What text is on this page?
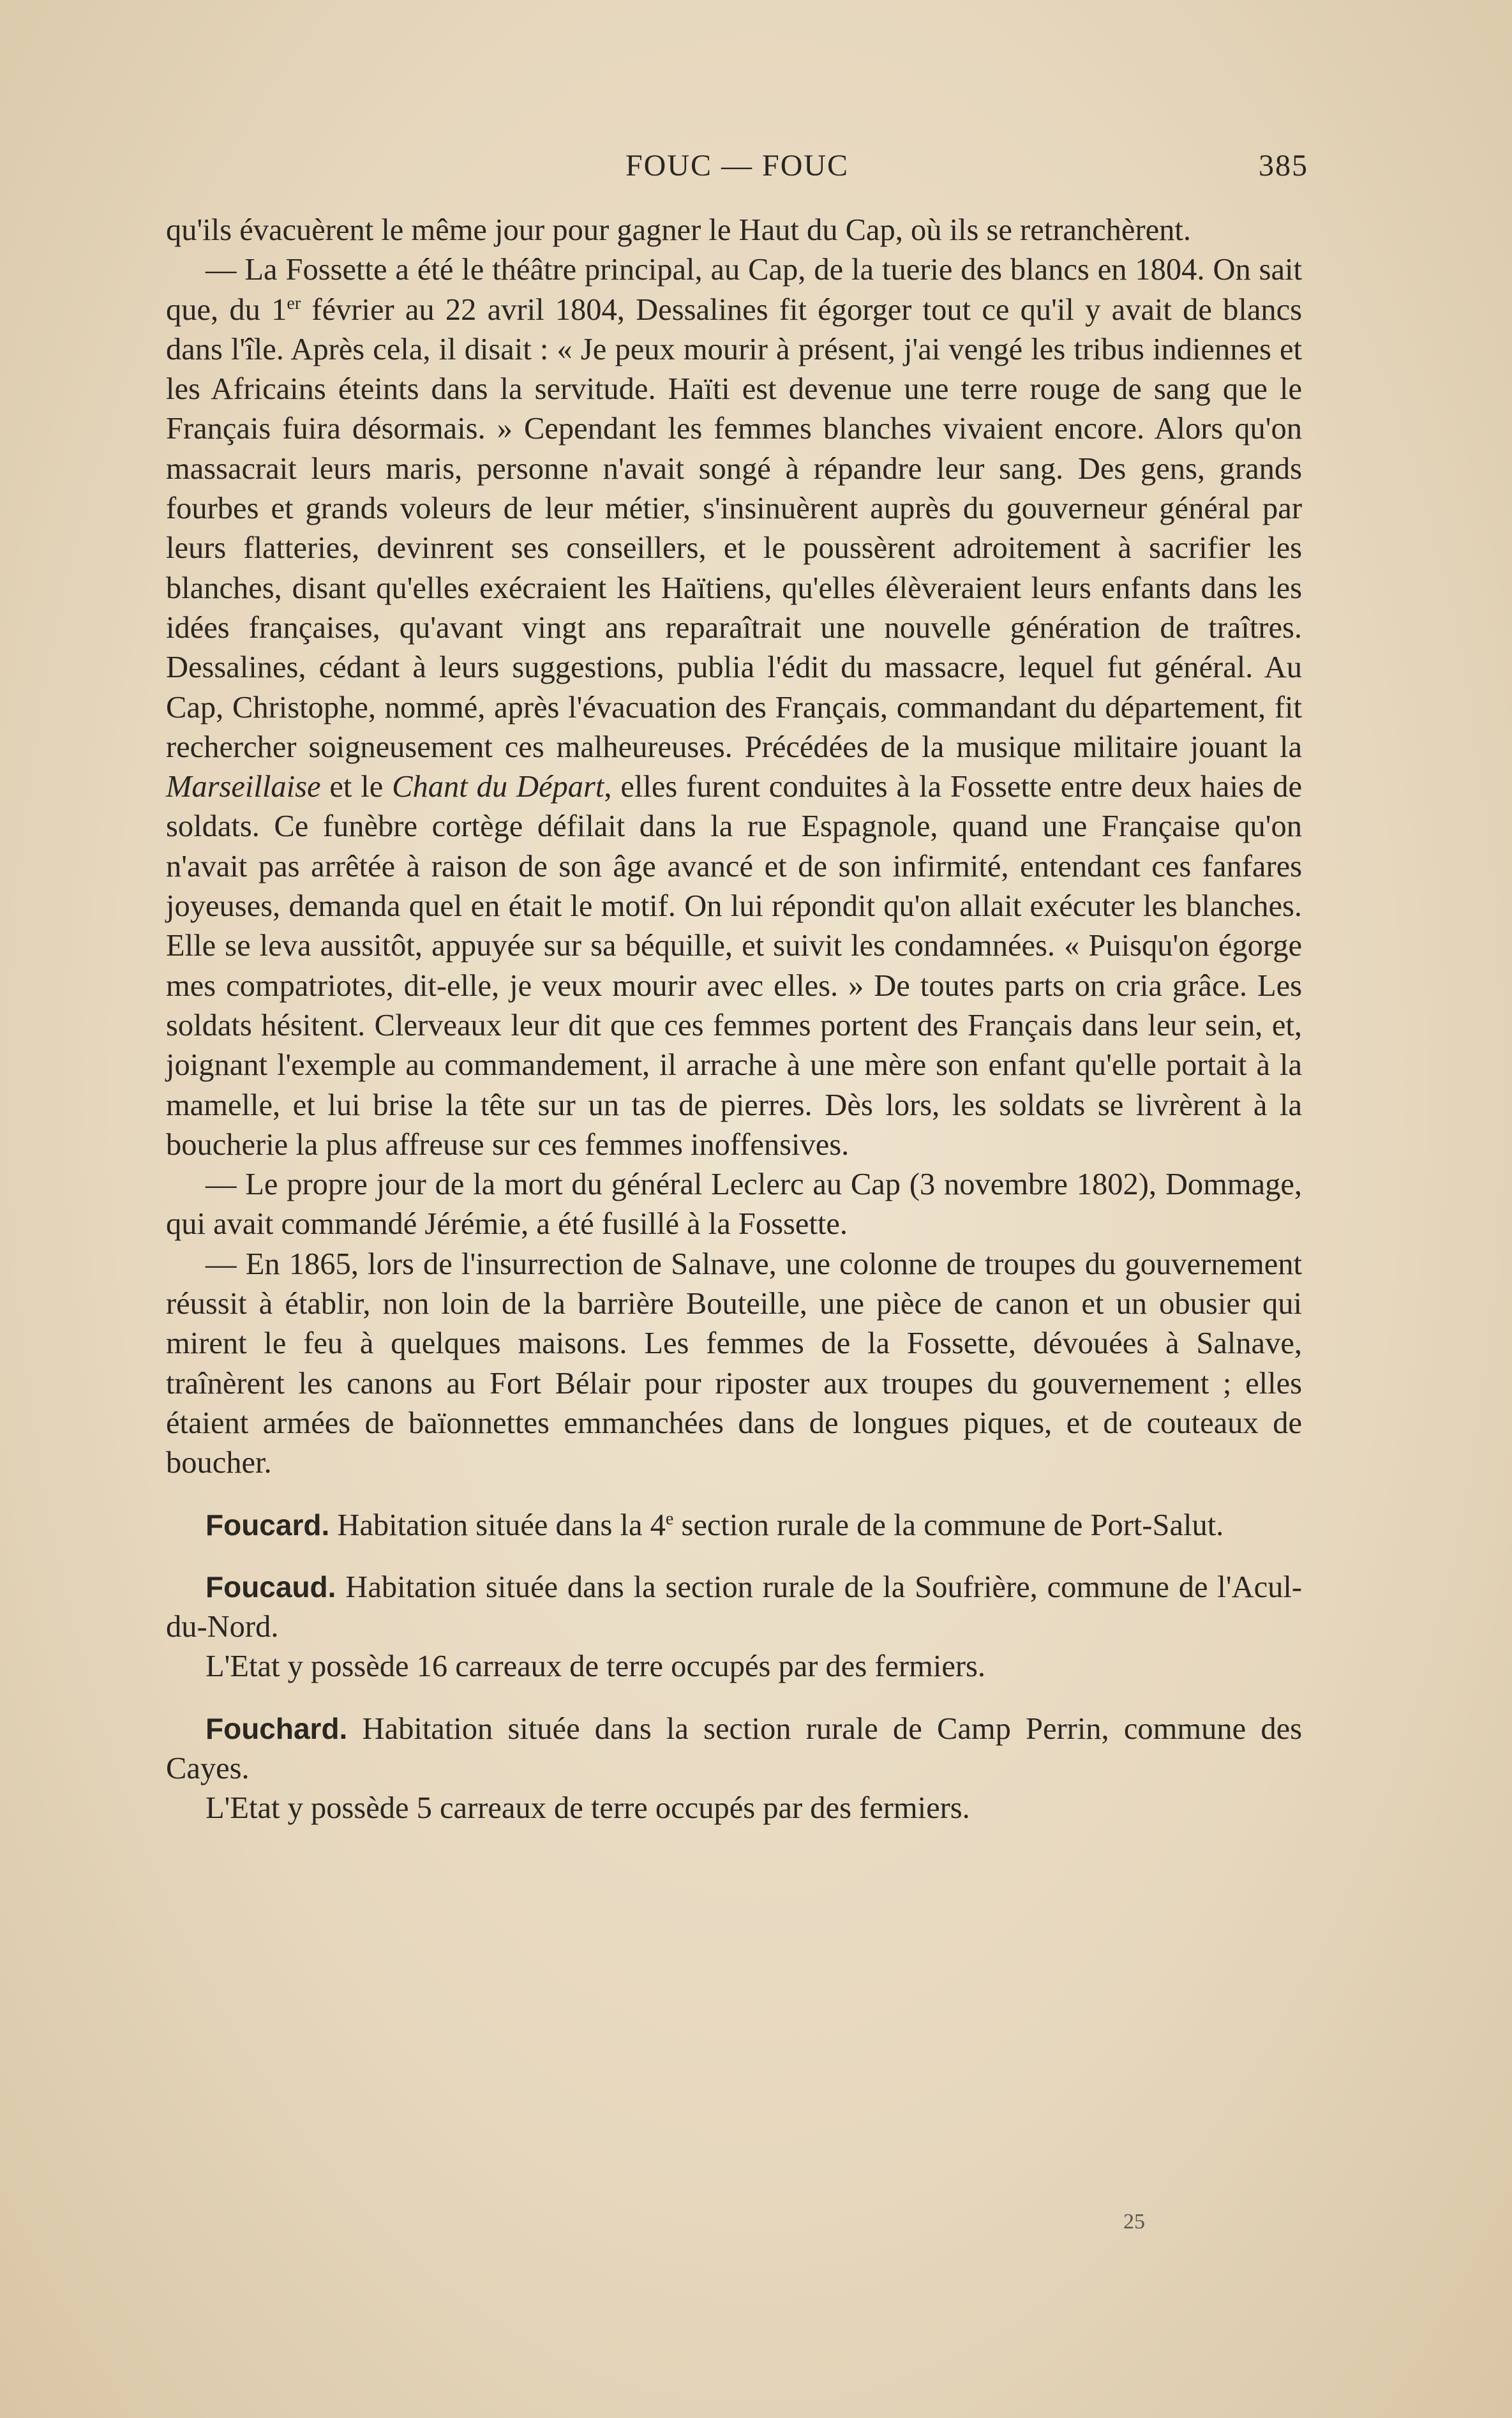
FOUC — FOUC	385

qu'ils évacuèrent le même jour pour gagner le Haut du Cap, où ils se retranchèrent.

— La Fossette a été le théâtre principal, au Cap, de la tuerie des blancs en 1804. On sait que, du 1er février au 22 avril 1804, Dessalines fit égorger tout ce qu'il y avait de blancs dans l'île. Après cela, il disait : « Je peux mourir à présent, j'ai vengé les tribus indiennes et les Africains éteints dans la servitude. Haïti est devenue une terre rouge de sang que le Français fuira désormais. » Cependant les femmes blanches vivaient encore. Alors qu'on massacrait leurs maris, personne n'avait songé à répandre leur sang. Des gens, grands fourbes et grands voleurs de leur métier, s'insinuèrent auprès du gouverneur général par leurs flatteries, devinrent ses conseillers, et le poussèrent adroitement à sacrifier les blanches, disant qu'elles exécraient les Haïtiens, qu'elles élèveraient leurs enfants dans les idées françaises, qu'avant vingt ans reparaîtrait une nouvelle génération de traîtres. Dessalines, cédant à leurs suggestions, publia l'édit du massacre, lequel fut général. Au Cap, Christophe, nommé, après l'évacuation des Français, commandant du département, fit rechercher soigneusement ces malheureuses. Précédées de la musique militaire jouant la Marseillaise et le Chant du Départ, elles furent conduites à la Fossette entre deux haies de soldats. Ce funèbre cortège défilait dans la rue Espagnole, quand une Française qu'on n'avait pas arrêtée à raison de son âge avancé et de son infirmité, entendant ces fanfares joyeuses, demanda quel en était le motif. On lui répondit qu'on allait exécuter les blanches. Elle se leva aussitôt, appuyée sur sa béquille, et suivit les condamnées. « Puisqu'on égorge mes compatriotes, dit-elle, je veux mourir avec elles. » De toutes parts on cria grâce. Les soldats hésitent. Clerveaux leur dit que ces femmes portent des Français dans leur sein, et, joignant l'exemple au commandement, il arrache à une mère son enfant qu'elle portait à la mamelle, et lui brise la tête sur un tas de pierres. Dès lors, les soldats se livrèrent à la boucherie la plus affreuse sur ces femmes inoffensives.

— Le propre jour de la mort du général Leclerc au Cap (3 novembre 1802), Dommage, qui avait commandé Jérémie, a été fusillé à la Fossette.

— En 1865, lors de l'insurrection de Salnave, une colonne de troupes du gouvernement réussit à établir, non loin de la barrière Bouteille, une pièce de canon et un obusier qui mirent le feu à quelques maisons. Les femmes de la Fossette, dévouées à Salnave, traînèrent les canons au Fort Bélair pour riposter aux troupes du gouvernement ; elles étaient armées de baïonnettes emmanchées dans de longues piques, et de couteaux de boucher.

Foucard. Habitation située dans la 4e section rurale de la commune de Port-Salut.

Foucaud. Habitation située dans la section rurale de la Soufrière, commune de l'Acul-du-Nord.

L'Etat y possède 16 carreaux de terre occupés par des fermiers.

Fouchard. Habitation située dans la section rurale de Camp Perrin, commune des Cayes.

L'Etat y possède 5 carreaux de terre occupés par des fermiers.

25
